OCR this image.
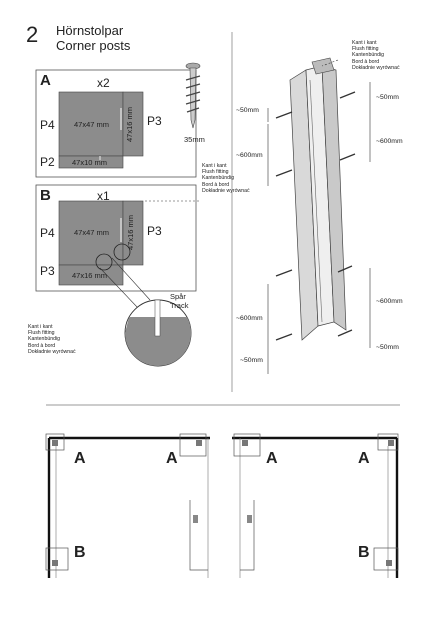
2 Hörnstolpar
Corner posts
A	x2
P4	P3
P2
47x47 mm 47x16 mm
47x10 mm
35mm
B	x1
P4	P3
P3
47x47 mm 47x16 mm
47x16 mm
Kant i kant
Flush fitting
Kantenbündig
Bord à bord
Dokładnie wyrównać
Kant i kant
Flush fitting
Kantenbündig
Bord à bord
Dokładnie wyrównać
Spår
Track
Kant i kant
Flush fitting
Kantenbündig
Bord à bord
Dokładnie wyrównać
~50mm
~600mm
~50mm
~600mm
~600mm
~50mm
~600mm
~50mm
A	A
B
A	A
B
